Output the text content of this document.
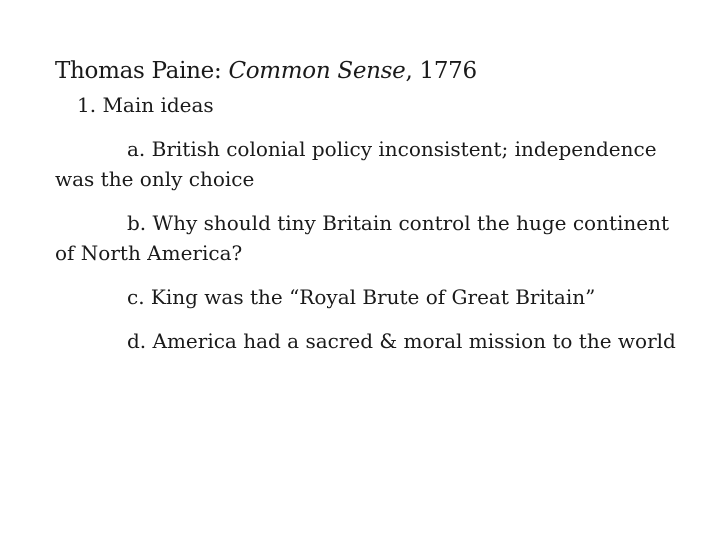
Thomas Paine: Common Sense, 1776
1. Main ideas

a. British colonial policy inconsistent; independence was the only choice

b. Why should tiny Britain control the huge continent of North America?

c. King was the “Royal Brute of Great Britain”

d. America had a sacred & moral mission to the world
